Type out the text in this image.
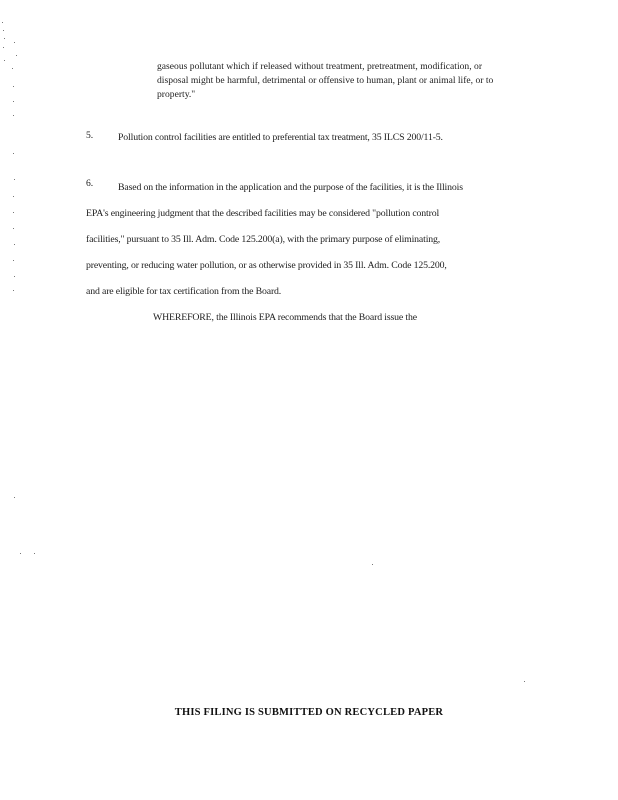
gaseous pollutant which if released without treatment, pretreatment, modification, or
disposal might be harmful, detrimental or offensive to human, plant or animal life, or to
property."
5.	Pollution control facilities are entitled to preferential tax treatment, 35 ILCS 200/11-5.
6.	Based on the information in the application and the purpose of the facilities, it is the Illinois
EPA's engineering judgment that the described facilities may be considered "pollution control
facilities," pursuant to 35 Ill. Adm. Code 125.200(a), with the primary purpose of eliminating,
preventing, or reducing water pollution, or as otherwise provided in 35 Ill. Adm. Code 125.200,
and are eligible for tax certification from the Board.
WHEREFORE, the Illinois EPA recommends that the Board issue the
THIS FILING IS SUBMITTED ON RECYCLED PAPER
